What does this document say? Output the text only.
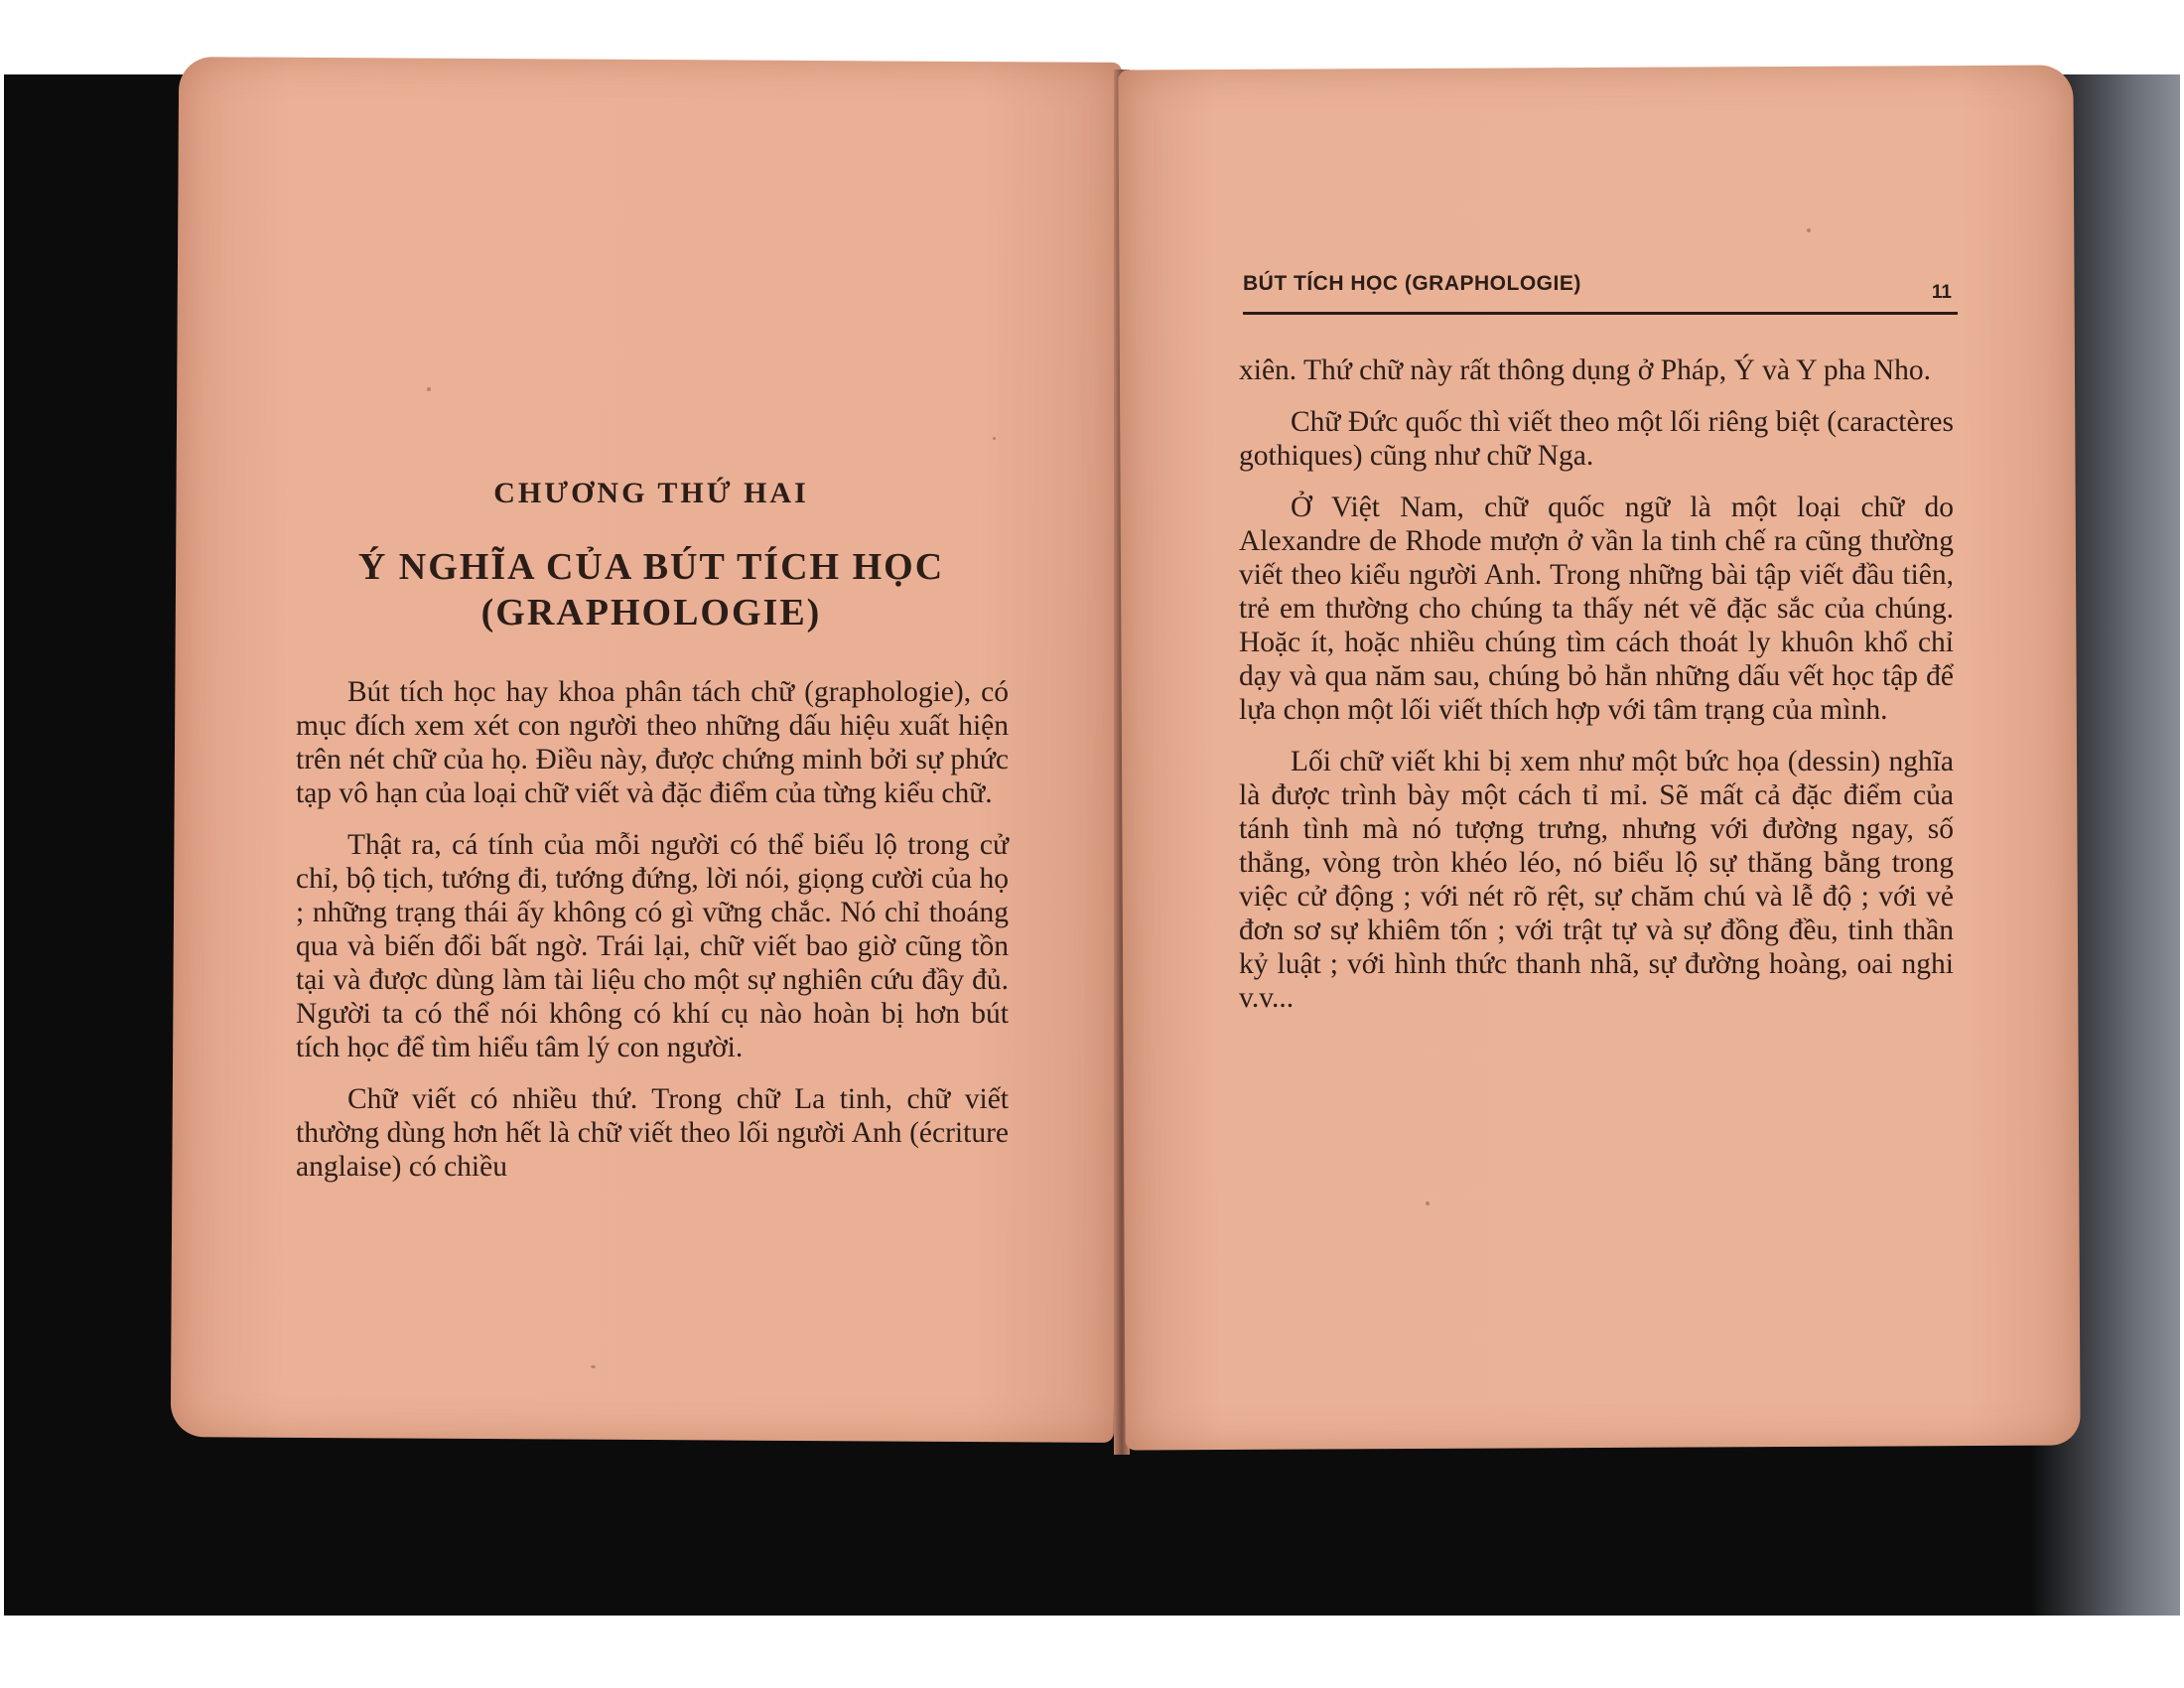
CHƯƠNG THỨ HAI
Ý NGHĨA CỦA BÚT TÍCH HỌC
(GRAPHOLOGIE)

Bút tích học hay khoa phân tách chữ (graphologie), có mục đích xem xét con người theo những dấu hiệu xuất hiện trên nét chữ của họ. Điều này, được chứng minh bởi sự phức tạp vô hạn của loại chữ viết và đặc điểm của từng kiểu chữ.

Thật ra, cá tính của mỗi người có thể biểu lộ trong cử chỉ, bộ tịch, tướng đi, tướng đứng, lời nói, giọng cười của họ ; những trạng thái ấy không có gì vững chắc. Nó chỉ thoáng qua và biến đổi bất ngờ. Trái lại, chữ viết bao giờ cũng tồn tại và được dùng làm tài liệu cho một sự nghiên cứu đầy đủ. Người ta có thể nói không có khí cụ nào hoàn bị hơn bút tích học để tìm hiểu tâm lý con người.

Chữ viết có nhiều thứ. Trong chữ La tinh, chữ viết thường dùng hơn hết là chữ viết theo lối người Anh (écriture anglaise) có chiều

BÚT TÍCH HỌC (GRAPHOLOGIE)	11

xiên. Thứ chữ này rất thông dụng ở Pháp, Ý và Y pha Nho.

Chữ Đức quốc thì viết theo một lối riêng biệt (caractères gothiques) cũng như chữ Nga.

Ở Việt Nam, chữ quốc ngữ là một loại chữ do Alexandre de Rhode mượn ở vần la tinh chế ra cũng thường viết theo kiểu người Anh. Trong những bài tập viết đầu tiên, trẻ em thường cho chúng ta thấy nét vẽ đặc sắc của chúng. Hoặc ít, hoặc nhiều chúng tìm cách thoát ly khuôn khổ chỉ dạy và qua năm sau, chúng bỏ hẳn những dấu vết học tập để lựa chọn một lối viết thích hợp với tâm trạng của mình.

Lối chữ viết khi bị xem như một bức họa (dessin) nghĩa là được trình bày một cách tỉ mỉ. Sẽ mất cả đặc điểm của tánh tình mà nó tượng trưng, nhưng với đường ngay, số thẳng, vòng tròn khéo léo, nó biểu lộ sự thăng bằng trong việc cử động ; với nét rõ rệt, sự chăm chú và lễ độ ; với vẻ đơn sơ sự khiêm tốn ; với trật tự và sự đồng đều, tinh thần kỷ luật ; với hình thức thanh nhã, sự đường hoàng, oai nghi v.v...
